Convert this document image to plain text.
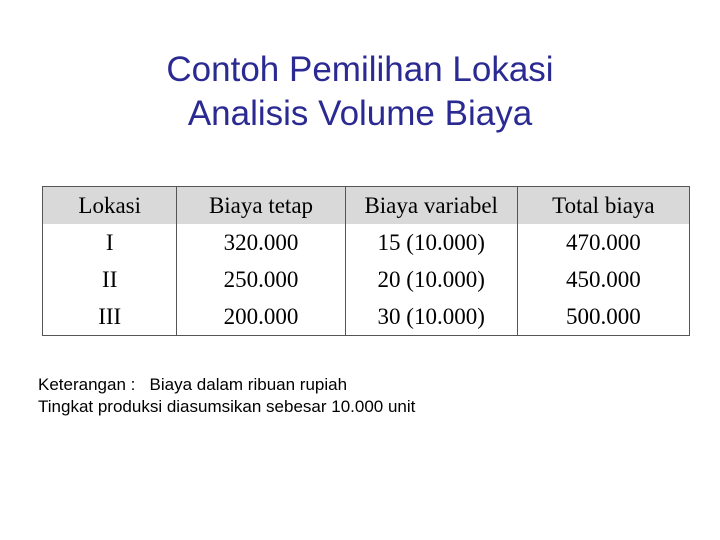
Contoh Pemilihan Lokasi
Analisis Volume Biaya
Lokasi	Biaya tetap	Biaya variabel	Total biaya
I	320.000	15 (10.000)	470.000
II	250.000	20 (10.000)	450.000
III	200.000	30 (10.000)	500.000
Keterangan : Biaya dalam ribuan rupiah
Tingkat produksi diasumsikan sebesar 10.000 unit
